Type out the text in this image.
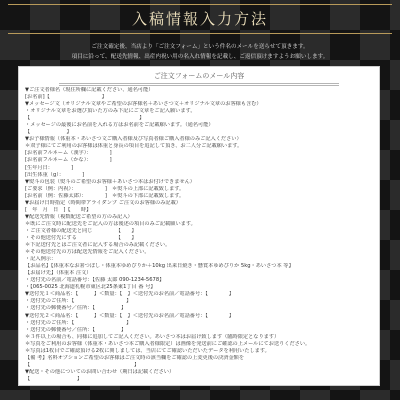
入稿情報入力方法
ご注文確定後、当店より「ご注文フォーム」という件名のメールを送らせて頂きます。
項目に沿って、配送先情報、出産内祝い用の名入れ情報を記載し、ご返信頂けますようお願いします。
ご注文フォームのメール内容
▼ご注文者様名（現住所欄に記載ください、通名可能）
[お名前]【　　　　　　　　　　】
▼メッセージ文（オリジナル文章やご希望のお客様名＋あいさつ文＋オリジナル文章のお客様も含む）
・オリジナル文章をお選び頂いた方のみ下記にご文章をご記入願います。
【　　　　　　　　　　　　　　　　　　　　　】
・メッセージの最後にお名前を入れる方はお名前をご記載願います。（通名可能）
【　　　　　　　】
▼お子様情報（体重本・あいさつ文ご購入者様及び写真者様ご購入者様のみご記入ください）
＊双子様にてご利用のお客様は体重と身長の項目を追記して頂き、お二人分ご記載願います。
[お名前フルネーム（漢字）：　　　　]
[お名前フルネーム（かな）：　　　　]
[生年月日：　　　　]
[出生体重（g）：　　　　]
▼熨斗の包装（熨斗のご希望のお客様＋あいさつ本はお付けできません）
[ご要求（例：内祝）：　　　　　　]　＊熨斗の上部に記載致します。
[お名前（例：佐藤太郎）：　　　　]　＊熨斗の下部に記載致します。
▼お届け日時指定（時間帯アライダンプ ご注文のお客様のみ記載）
[　年　月　日　]【　　時】
▼配送先情報（複数配送ご希望の方のみ記入）
＊既にご注文時に配送先をご記入の方は後述の項目のみご記載願います。
・ご注文者様の配送先と同じ　　　　　【　　】
・その他送付先にする　　　　　　　　【　　】
＊下記送付先とはご注文者に記入する場合のみ記載ください。
＊その他送付先の方は配送先情報をご記入ください。
・記入例示：
【お品名】【体重本なお箸つぼし・体重本ゆめぴりか＋10kg 出来日焼き・懸賞本ゆめぴりか 5kg・あいさつ本 等】
【お届け先】（体重本 注文）
・送付先の名前／電話番号：【佐藤 太郎 090-1234-5678】
・【065-0025 北海道札幌市東区北25条東1丁目 番 号】
▼送付先１＜商品名：【　　　】＜数量：【　】＜送付先のお名前／電話番号：【　　　　】
・送付先のご住所：【　　　　　　　　　　】
・送付先の郵便番号／住所：【　　　　　】
▼送付先２＜商品名：【　　　】＜数量：【　】＜送付先のお名前／電話番号：【　　　　】
・送付先のご住所：【　　　　　　　　　　】
・送付先の郵便番号／住所：【　　　　　】
＊３件以上の場合も、同様に追加してご記入ください。あいさつ本はお届け致します（臨時限定となります）
＊写真をご利用のお客様（体重本・あいさつ本ご購入者様限定）は画像を発送前にご確認の上メールにてお送りください。
＊写真は1枚目でご確認頂ける2枚に関しましては、当店にてご確認いただいたデータを利用いたします。
【備 考】名料オプションご希望のお客様はご注文時の該当欄をご確認の上変更後の決済金額を
【　　　　　　　　　　　　　　　　　　　　】
▼配送・その他についてのお問い合わせ（期日は記載ください）
【　　　　　　　　　】
